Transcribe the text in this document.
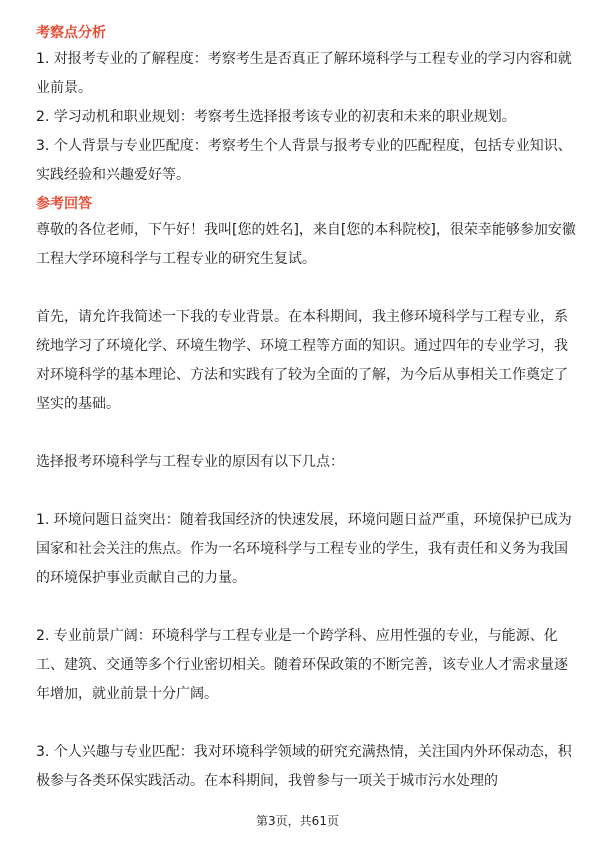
考察点分析

1. 对报考专业的了解程度：考察考生是否真正了解环境科学与工程专业的学习内容和就业前景。

2. 学习动机和职业规划：考察考生选择报考该专业的初衷和未来的职业规划。

3. 个人背景与专业匹配度：考察考生个人背景与报考专业的匹配程度，包括专业知识、实践经验和兴趣爱好等。

参考回答

尊敬的各位老师，下午好！我叫[您的姓名]，来自[您的本科院校]，很荣幸能够参加安徽工程大学环境科学与工程专业的研究生复试。

首先，请允许我简述一下我的专业背景。在本科期间，我主修环境科学与工程专业，系统地学习了环境化学、环境生物学、环境工程等方面的知识。通过四年的专业学习，我对环境科学的基本理论、方法和实践有了较为全面的了解，为今后从事相关工作奠定了坚实的基础。

选择报考环境科学与工程专业的原因有以下几点：

1. 环境问题日益突出：随着我国经济的快速发展，环境问题日益严重，环境保护已成为国家和社会关注的焦点。作为一名环境科学与工程专业的学生，我有责任和义务为我国的环境保护事业贡献自己的力量。

2. 专业前景广阔：环境科学与工程专业是一个跨学科、应用性强的专业，与能源、化工、建筑、交通等多个行业密切相关。随着环保政策的不断完善，该专业人才需求量逐年增加，就业前景十分广阔。

3. 个人兴趣与专业匹配：我对环境科学领域的研究充满热情，关注国内外环保动态，积极参与各类环保实践活动。在本科期间，我曾参与一项关于城市污水处理的

第3页，共61页
